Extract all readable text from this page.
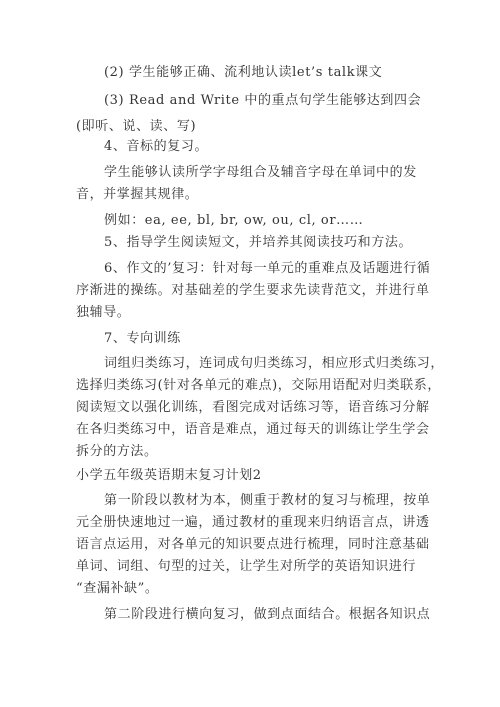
(2) 学生能够正确、流利地认读let’s talk课文
(3) Read and Write 中的重点句学生能够达到四会
(即听、说、读、写)
4、音标的复习。
学生能够认读所学字母组合及辅音字母在单词中的发
音，并掌握其规律。
例如：ea, ee, bl, br, ow, ou, cl, or……
5、指导学生阅读短文，并培养其阅读技巧和方法。
6、作文的’复习：针对每一单元的重难点及话题进行循
序渐进的操练。对基础差的学生要求先读背范文，并进行单
独辅导。
7、专向训练
词组归类练习，连词成句归类练习，相应形式归类练习，
选择归类练习(针对各单元的难点)，交际用语配对归类联系，
阅读短文以强化训练，看图完成对话练习等，语音练习分解
在各归类练习中，语音是难点，通过每天的训练让学生学会
拆分的方法。
小学五年级英语期末复习计划2
第一阶段以教材为本，侧重于教材的复习与梳理，按单
元全册快速地过一遍，通过教材的重现来归纳语言点，讲透
语言点运用，对各单元的知识要点进行梳理，同时注意基础
单词、词组、句型的过关，让学生对所学的英语知识进行
“查漏补缺”。
第二阶段进行横向复习，做到点面结合。根据各知识点
